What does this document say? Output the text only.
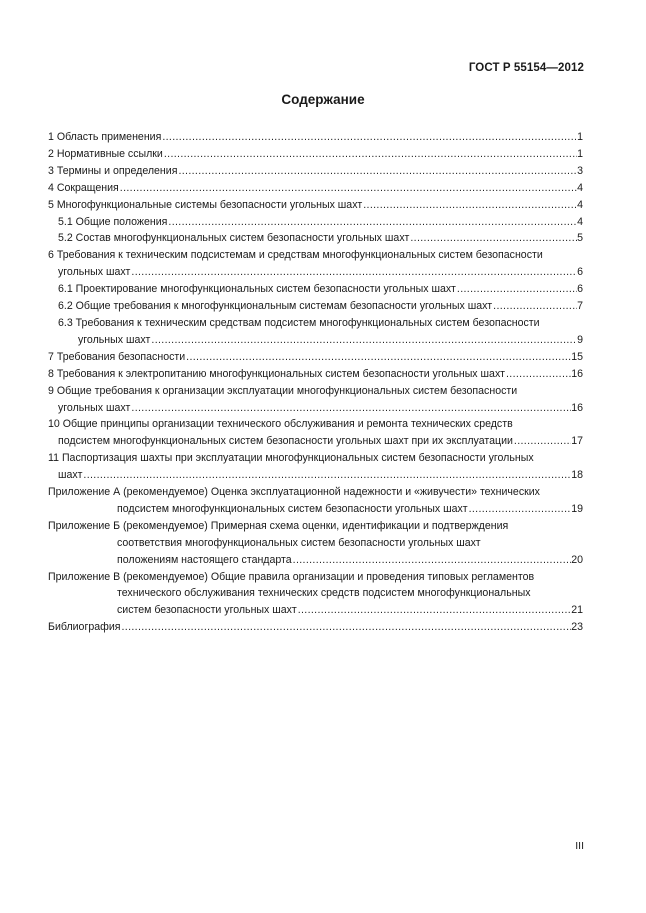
ГОСТ Р 55154—2012
Содержание
1 Область применения .....	1
2 Нормативные ссылки .....	1
3 Термины и определения .....	3
4 Сокращения .....	4
5 Многофункциональные системы безопасности угольных шахт .....	4
5.1 Общие положения .....	4
5.2 Состав многофункциональных систем безопасности угольных шахт .....	5
6 Требования к техническим подсистемам и средствам многофункциональных систем безопасности
угольных шахт .....	6
6.1 Проектирование многофункциональных систем безопасности угольных шахт .....	6
6.2 Общие требования к многофункциональным системам безопасности угольных шахт .....	7
6.3 Требования к техническим средствам подсистем многофункциональных систем безопасности
угольных шахт .....	9
7 Требования безопасности .....	15
8 Требования к электропитанию многофункциональных систем безопасности угольных шахт .....	16
9 Общие требования к организации эксплуатации многофункциональных систем безопасности
угольных шахт .....	16
10 Общие принципы организации технического обслуживания и ремонта технических средств
подсистем многофункциональных систем безопасности угольных шахт при их эксплуатации .....	17
11 Паспортизация шахты при эксплуатации многофункциональных систем безопасности угольных
шахт .....	18
Приложение А (рекомендуемое) Оценка эксплуатационной надежности и «живучести» технических
подсистем многофункциональных систем безопасности угольных шахт .....	19
Приложение Б (рекомендуемое) Примерная схема оценки, идентификации и подтверждения
соответствия многофункциональных систем безопасности угольных шахт
положениям настоящего стандарта .....	20
Приложение В (рекомендуемое) Общие правила организации и проведения типовых регламентов
технического обслуживания технических средств подсистем многофункциональных
систем безопасности угольных шахт .....	21
Библиография .....	23
III
